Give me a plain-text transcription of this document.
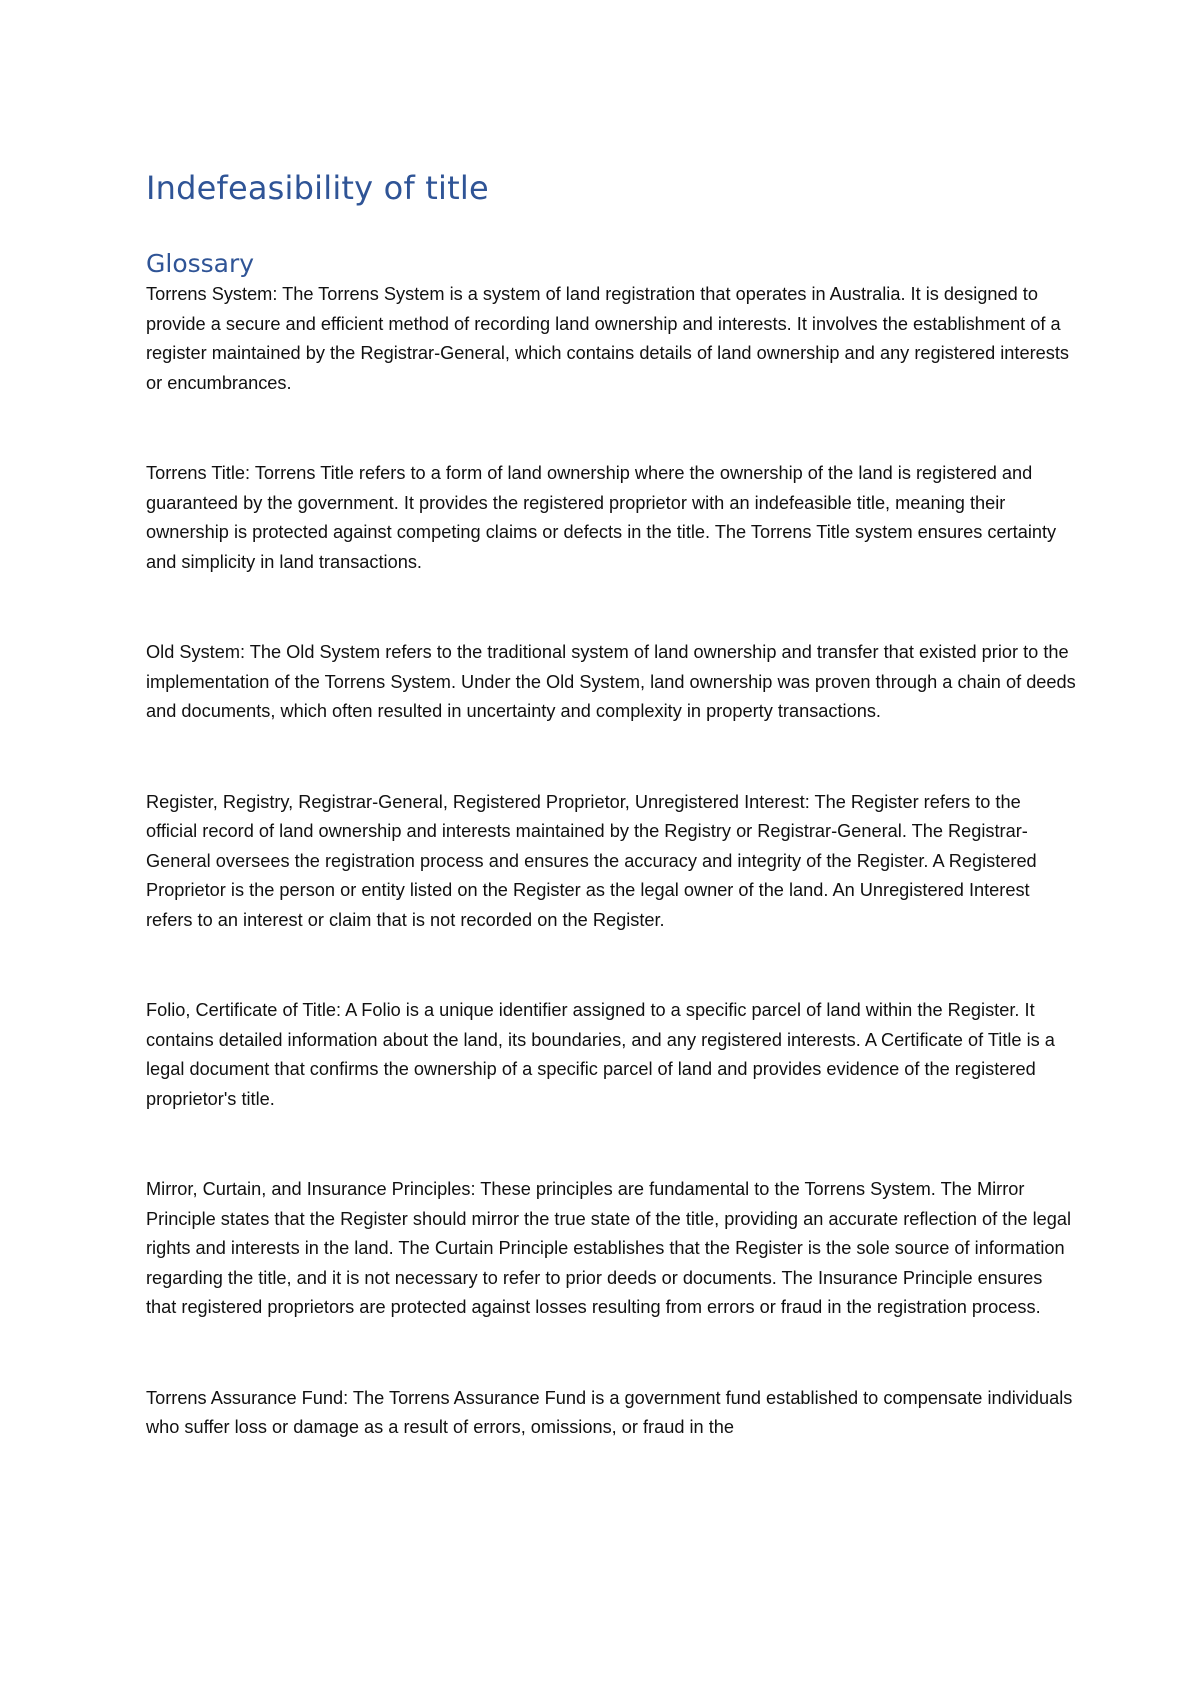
Indefeasibility of title
Glossary

Torrens System: The Torrens System is a system of land registration that operates in Australia. It is designed to provide a secure and efficient method of recording land ownership and interests. It involves the establishment of a register maintained by the Registrar-General, which contains details of land ownership and any registered interests or encumbrances.

Torrens Title: Torrens Title refers to a form of land ownership where the ownership of the land is registered and guaranteed by the government. It provides the registered proprietor with an indefeasible title, meaning their ownership is protected against competing claims or defects in the title. The Torrens Title system ensures certainty and simplicity in land transactions.

Old System: The Old System refers to the traditional system of land ownership and transfer that existed prior to the implementation of the Torrens System. Under the Old System, land ownership was proven through a chain of deeds and documents, which often resulted in uncertainty and complexity in property transactions.

Register, Registry, Registrar-General, Registered Proprietor, Unregistered Interest: The Register refers to the official record of land ownership and interests maintained by the Registry or Registrar-General. The Registrar-General oversees the registration process and ensures the accuracy and integrity of the Register. A Registered Proprietor is the person or entity listed on the Register as the legal owner of the land. An Unregistered Interest refers to an interest or claim that is not recorded on the Register.

Folio, Certificate of Title: A Folio is a unique identifier assigned to a specific parcel of land within the Register. It contains detailed information about the land, its boundaries, and any registered interests. A Certificate of Title is a legal document that confirms the ownership of a specific parcel of land and provides evidence of the registered proprietor's title.

Mirror, Curtain, and Insurance Principles: These principles are fundamental to the Torrens System. The Mirror Principle states that the Register should mirror the true state of the title, providing an accurate reflection of the legal rights and interests in the land. The Curtain Principle establishes that the Register is the sole source of information regarding the title, and it is not necessary to refer to prior deeds or documents. The Insurance Principle ensures that registered proprietors are protected against losses resulting from errors or fraud in the registration process.

Torrens Assurance Fund: The Torrens Assurance Fund is a government fund established to compensate individuals who suffer loss or damage as a result of errors, omissions, or fraud in the
